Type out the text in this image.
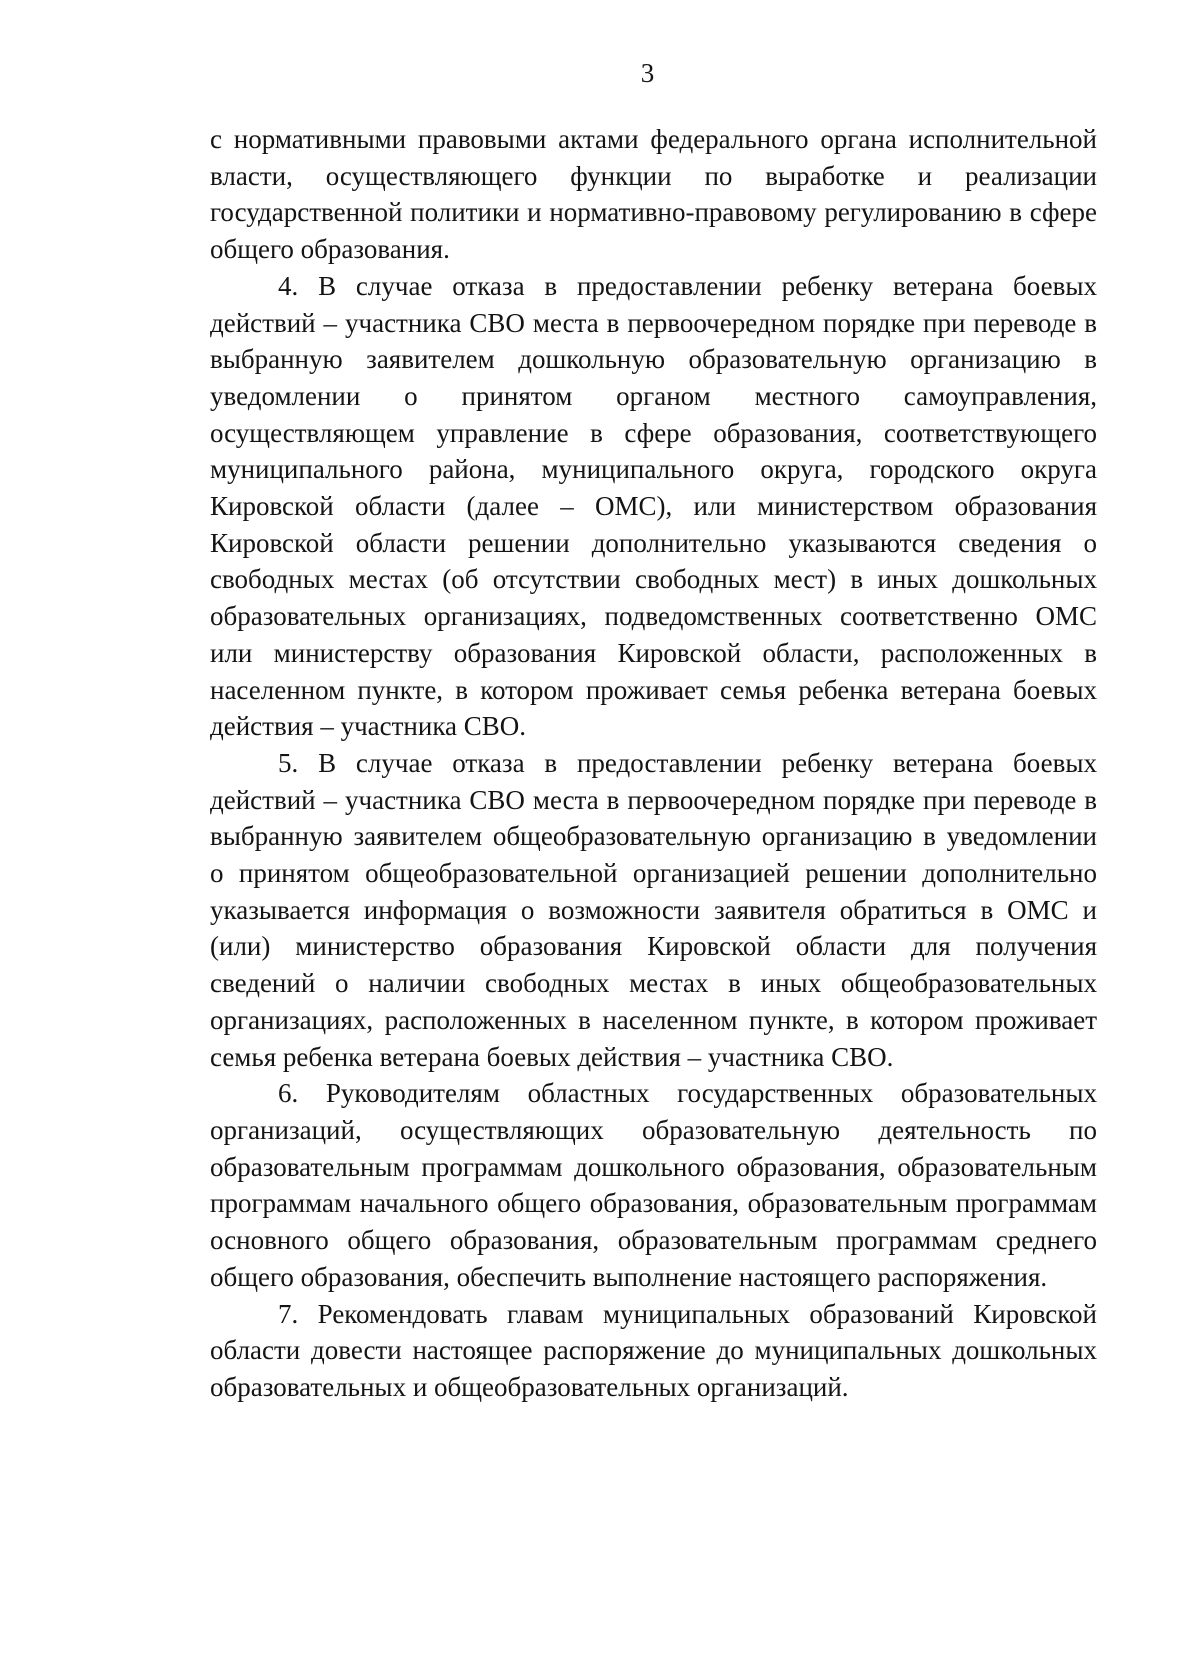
3

с нормативными правовыми актами федерального органа исполнительной власти, осуществляющего функции по выработке и реализации государственной политики и нормативно-правовому регулированию в сфере общего образования.

4. В случае отказа в предоставлении ребенку ветерана боевых действий – участника СВО места в первоочередном порядке при переводе в выбранную заявителем дошкольную образовательную организацию в уведомлении о принятом органом местного самоуправления, осуществляющем управление в сфере образования, соответствующего муниципального района, муниципального округа, городского округа Кировской области (далее – ОМС), или министерством образования Кировской области решении дополнительно указываются сведения о свободных местах (об отсутствии свободных мест) в иных дошкольных образовательных организациях, подведомственных соответственно ОМС или министерству образования Кировской области, расположенных в населенном пункте, в котором проживает семья ребенка ветерана боевых действия – участника СВО.

5. В случае отказа в предоставлении ребенку ветерана боевых действий – участника СВО места в первоочередном порядке при переводе в выбранную заявителем общеобразовательную организацию в уведомлении о принятом общеобразовательной организацией решении дополнительно указывается информация о возможности заявителя обратиться в ОМС и (или) министерство образования Кировской области для получения сведений о наличии свободных местах в иных общеобразовательных организациях, расположенных в населенном пункте, в котором проживает семья ребенка ветерана боевых действия – участника СВО.

6. Руководителям областных государственных образовательных организаций, осуществляющих образовательную деятельность по образовательным программам дошкольного образования, образовательным программам начального общего образования, образовательным программам основного общего образования, образовательным программам среднего общего образования, обеспечить выполнение настоящего распоряжения.

7. Рекомендовать главам муниципальных образований Кировской области довести настоящее распоряжение до муниципальных дошкольных образовательных и общеобразовательных организаций.
